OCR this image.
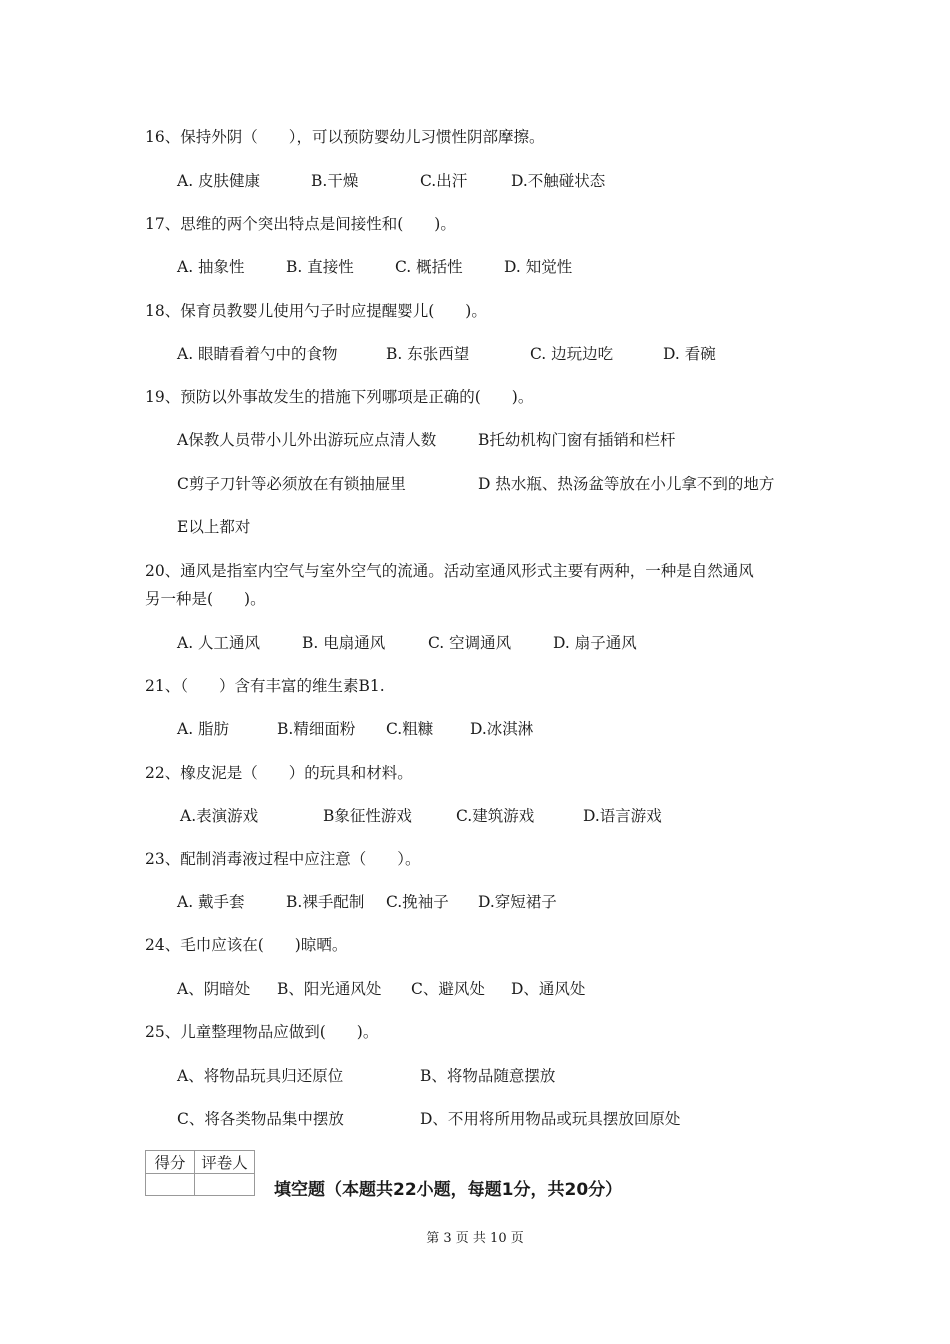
16、保持外阴（　　），可以预防婴幼儿习惯性阴部摩擦。
A. 皮肤健康	B.干燥	C.出汗	D.不触碰状态
17、思维的两个突出特点是间接性和(　　)。
A. 抽象性	B. 直接性	C. 概括性	D. 知觉性
18、保育员教婴儿使用勺子时应提醒婴儿(　　)。
A. 眼睛看着勺中的食物	B. 东张西望	C. 边玩边吃	D. 看碗
19、预防以外事故发生的措施下列哪项是正确的(　　)。
A保教人员带小儿外出游玩应点清人数	B托幼机构门窗有插销和栏杆
C剪子刀针等必须放在有锁抽屉里	D 热水瓶、热汤盆等放在小儿拿不到的地方
E以上都对
20、通风是指室内空气与室外空气的流通。活动室通风形式主要有两种，一种是自然通风
另一种是(　　)。
A. 人工通风	B. 电扇通风	C. 空调通风	D. 扇子通风
21、（　　）含有丰富的维生素B1.
A. 脂肪	B.精细面粉 C.粗糠 D.冰淇淋
22、橡皮泥是（　　）的玩具和材料。
A.表演游戏	B象征性游戏	C.建筑游戏	D.语言游戏
23、配制消毒液过程中应注意（　　）。
A. 戴手套	B.裸手配制 C.挽袖子 D.穿短裙子
24、毛巾应该在(　　)晾晒。
A、阴暗处 B、阳光通风处 C、避风处 D、通风处
25、儿童整理物品应做到(　　)。
A、将物品玩具归还原位	B、将物品随意摆放
C、将各类物品集中摆放	D、不用将所用物品或玩具摆放回原处
得分	评卷人

填空题（本题共22小题，每题1分，共20分）
第 3 页 共 10 页
